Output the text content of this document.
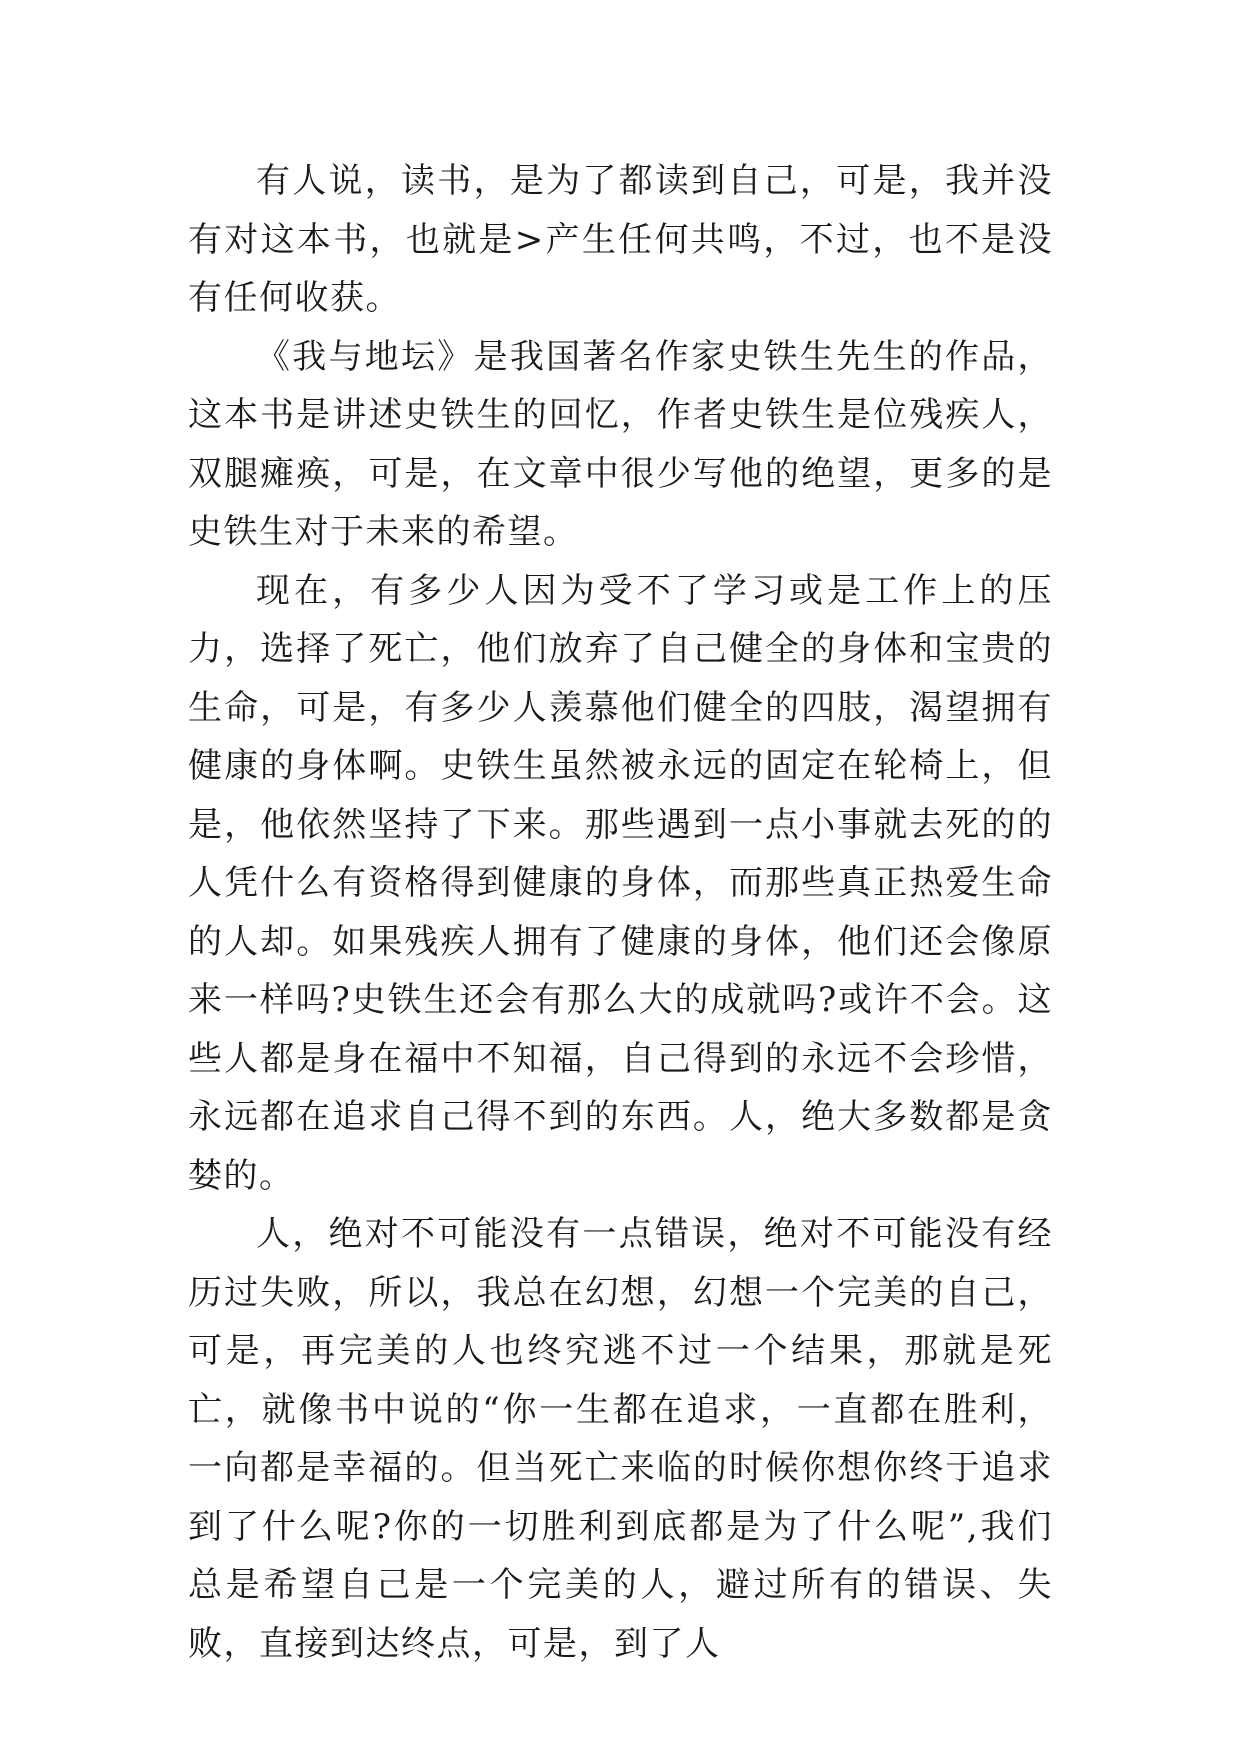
有人说，读书，是为了都读到自己，可是，我并没有对这本书，也就是>产生任何共鸣，不过，也不是没有任何收获。

《我与地坛》是我国著名作家史铁生先生的作品，这本书是讲述史铁生的回忆，作者史铁生是位残疾人，双腿瘫痪，可是，在文章中很少写他的绝望，更多的是史铁生对于未来的希望。

现在，有多少人因为受不了学习或是工作上的压力，选择了死亡，他们放弃了自己健全的身体和宝贵的生命，可是，有多少人羡慕他们健全的四肢，渴望拥有健康的身体啊。史铁生虽然被永远的固定在轮椅上，但是，他依然坚持了下来。那些遇到一点小事就去死的的人凭什么有资格得到健康的身体，而那些真正热爱生命的人却。如果残疾人拥有了健康的身体，他们还会像原来一样吗?史铁生还会有那么大的成就吗?或许不会。这些人都是身在福中不知福，自己得到的永远不会珍惜，永远都在追求自己得不到的东西。人，绝大多数都是贪婪的。

人，绝对不可能没有一点错误，绝对不可能没有经历过失败，所以，我总在幻想，幻想一个完美的自己，可是，再完美的人也终究逃不过一个结果，那就是死亡，就像书中说的“你一生都在追求，一直都在胜利，一向都是幸福的。但当死亡来临的时候你想你终于追求到了什么呢?你的一切胜利到底都是为了什么呢”,我们总是希望自己是一个完美的人，避过所有的错误、失败，直接到达终点，可是，到了人
